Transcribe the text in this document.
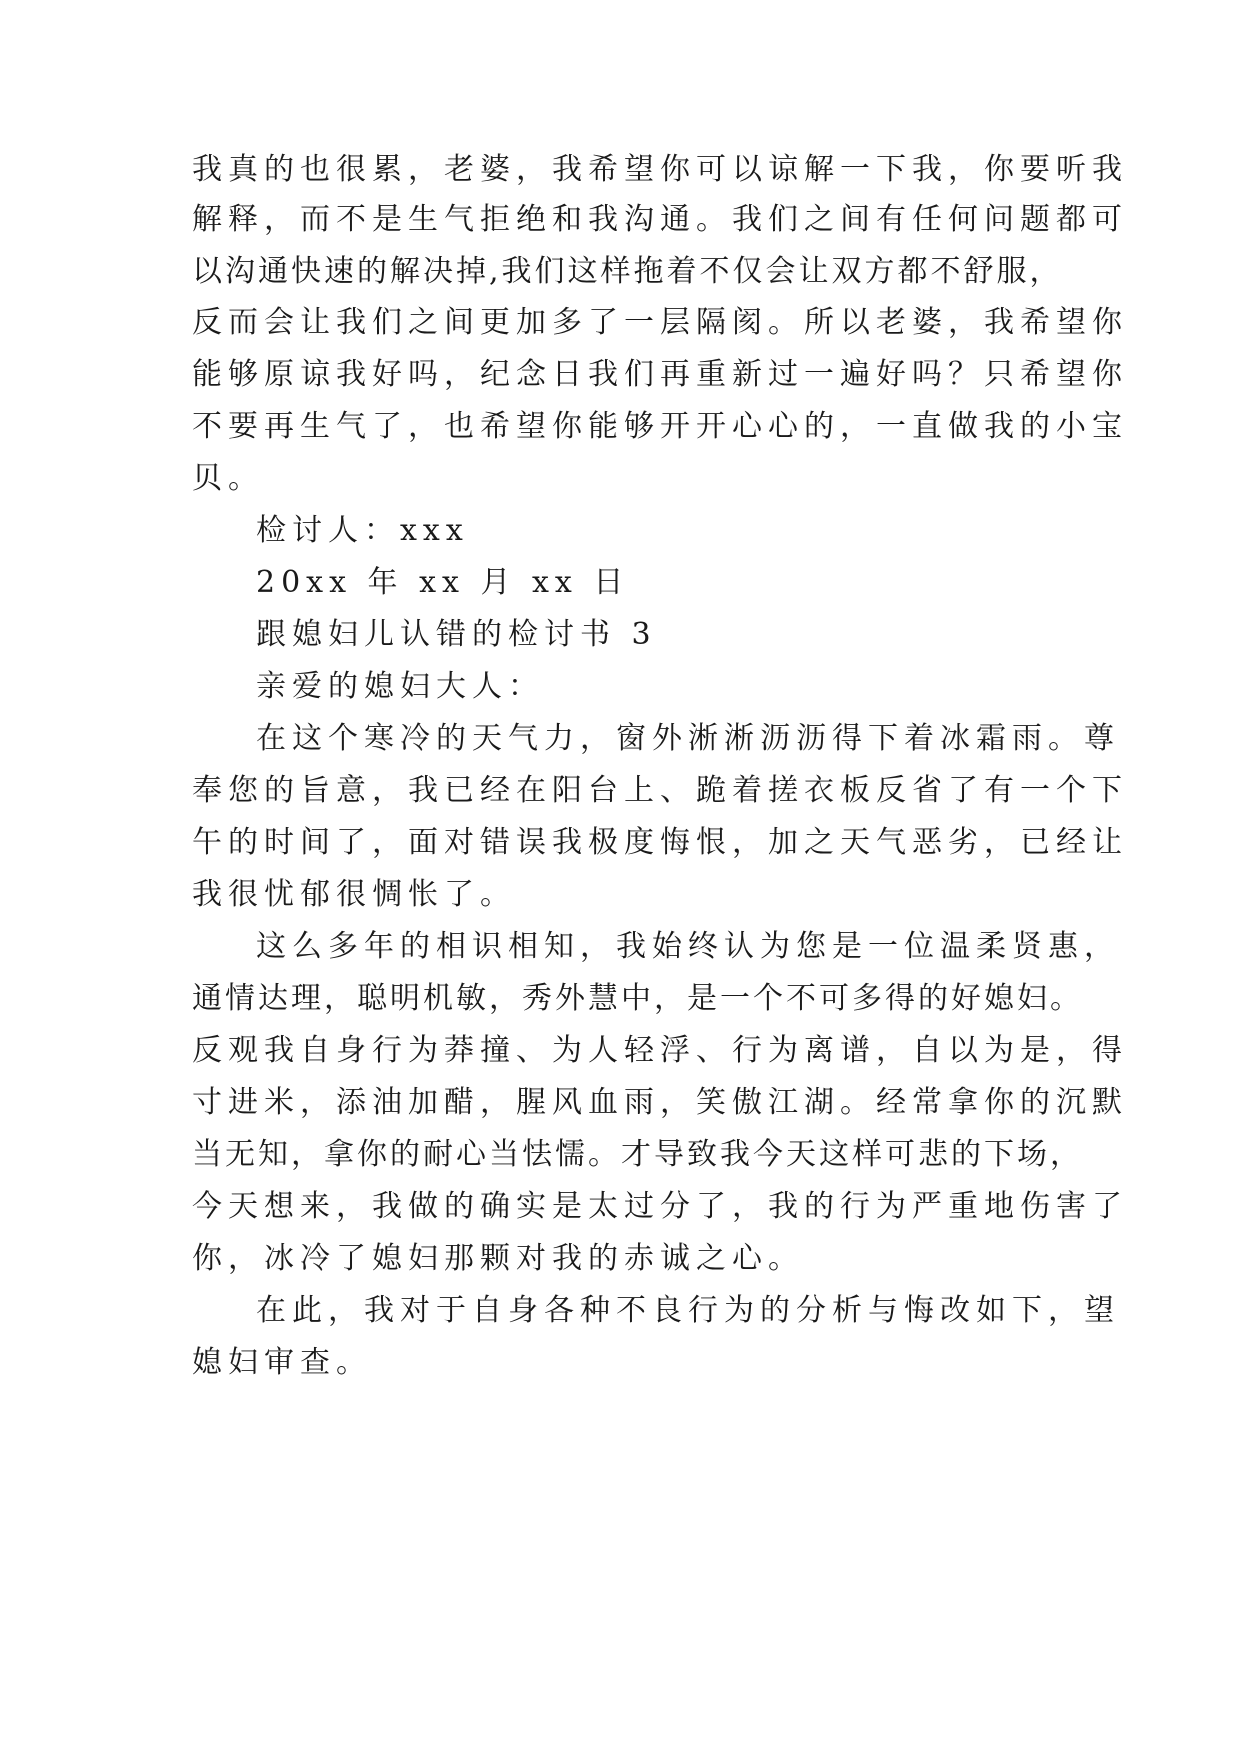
我真的也很累，老婆，我希望你可以谅解一下我，你要听我

解释，而不是生气拒绝和我沟通。我们之间有任何问题都可

以沟通快速的解决掉,我们这样拖着不仅会让双方都不舒服，

反而会让我们之间更加多了一层隔阂。所以老婆，我希望你

能够原谅我好吗，纪念日我们再重新过一遍好吗？只希望你

不要再生气了，也希望你能够开开心心的，一直做我的小宝

贝。

检讨人：xxx

20xx 年 xx 月 xx 日

跟媳妇儿认错的检讨书 3

亲爱的媳妇大人：

在这个寒冷的天气力，窗外淅淅沥沥得下着冰霜雨。尊

奉您的旨意，我已经在阳台上、跪着搓衣板反省了有一个下

午的时间了，面对错误我极度悔恨，加之天气恶劣，已经让

我很忧郁很惆怅了。

这么多年的相识相知，我始终认为您是一位温柔贤惠，

通情达理，聪明机敏，秀外慧中，是一个不可多得的好媳妇。

反观我自身行为莽撞、为人轻浮、行为离谱，自以为是，得

寸进米，添油加醋，腥风血雨，笑傲江湖。经常拿你的沉默

当无知，拿你的耐心当怯懦。才导致我今天这样可悲的下场，

今天想来，我做的确实是太过分了，我的行为严重地伤害了

你，冰冷了媳妇那颗对我的赤诚之心。

在此，我对于自身各种不良行为的分析与悔改如下，望

媳妇审查。
